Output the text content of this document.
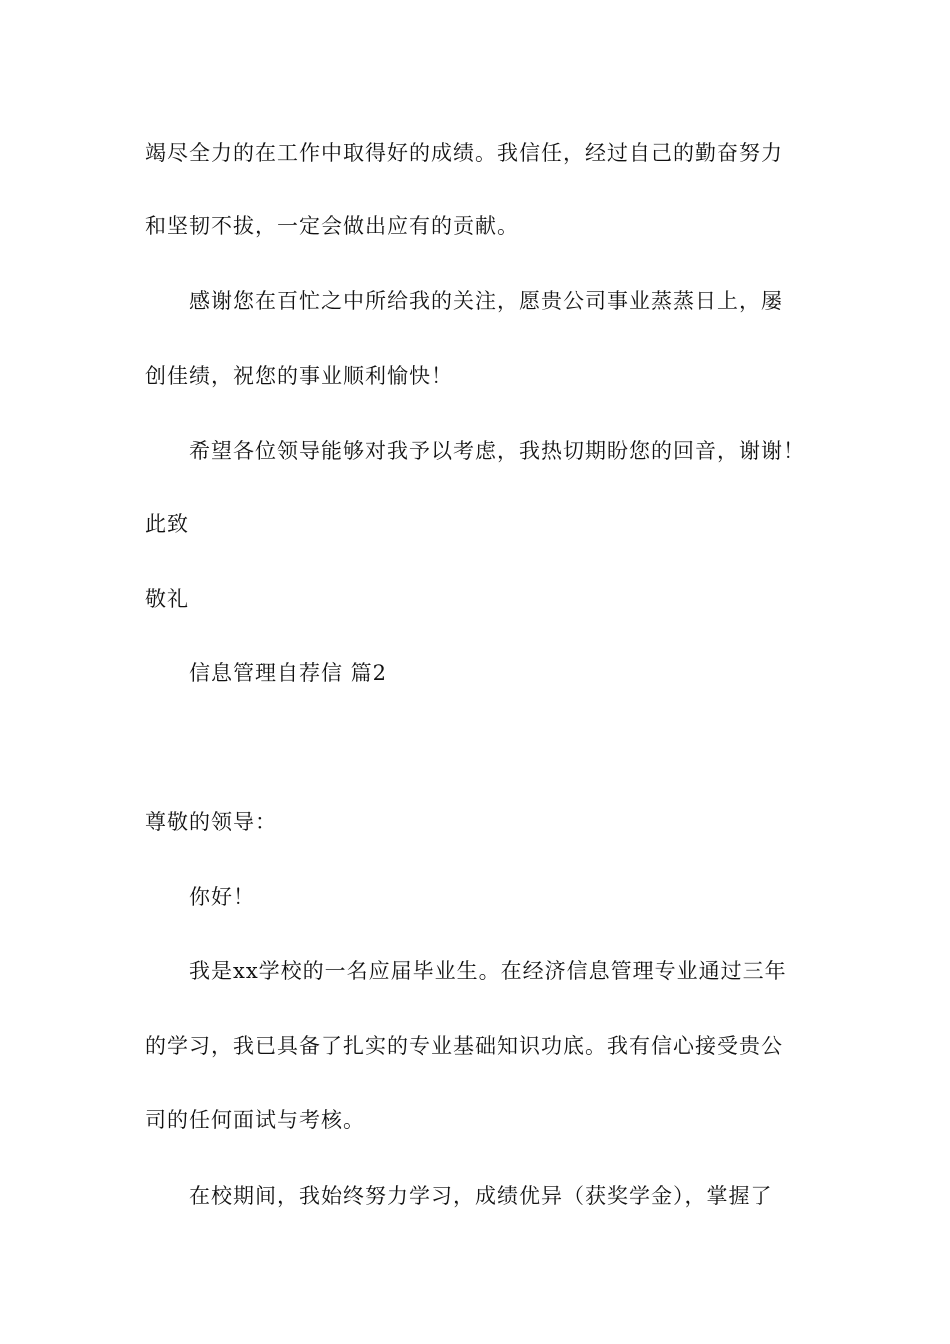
竭尽全力的在工作中取得好的成绩。我信任，经过自己的勤奋努力
和坚韧不拔，一定会做出应有的贡献。
感谢您在百忙之中所给我的关注，愿贵公司事业蒸蒸日上，屡
创佳绩，祝您的事业顺利愉快！
希望各位领导能够对我予以考虑，我热切期盼您的回音，谢谢！
此致
敬礼
信息管理自荐信 篇2
尊敬的领导：
你好！
我是xx学校的一名应届毕业生。在经济信息管理专业通过三年
的学习，我已具备了扎实的专业基础知识功底。我有信心接受贵公
司的任何面试与考核。
在校期间，我始终努力学习，成绩优异（获奖学金），掌握了
